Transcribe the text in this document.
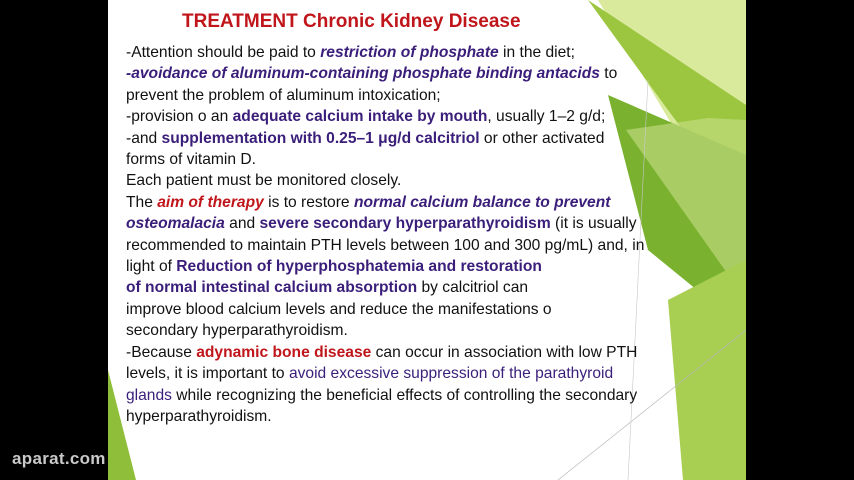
TREATMENT Chronic Kidney Disease
-Attention should be paid to restriction of phosphate in the diet;
-avoidance of aluminum-containing phosphate binding antacids to
prevent the problem of aluminum intoxication;
-provision o an adequate calcium intake by mouth, usually 1–2 g/d;
-and supplementation with 0.25–1 μg/d calcitriol or other activated
forms of vitamin D.
Each patient must be monitored closely.
The aim of therapy is to restore normal calcium balance to prevent
osteomalacia and severe secondary hyperparathyroidism (it is usually
recommended to maintain PTH levels between 100 and 300 pg/mL) and, in
light of Reduction of hyperphosphatemia and restoration
of normal intestinal calcium absorption by calcitriol can
improve blood calcium levels and reduce the manifestations o
secondary hyperparathyroidism.
-Because adynamic bone disease can occur in association with low PTH
levels, it is important to avoid excessive suppression of the parathyroid
glands while recognizing the beneficial effects of controlling the secondary
hyperparathyroidism.
aparat.com
